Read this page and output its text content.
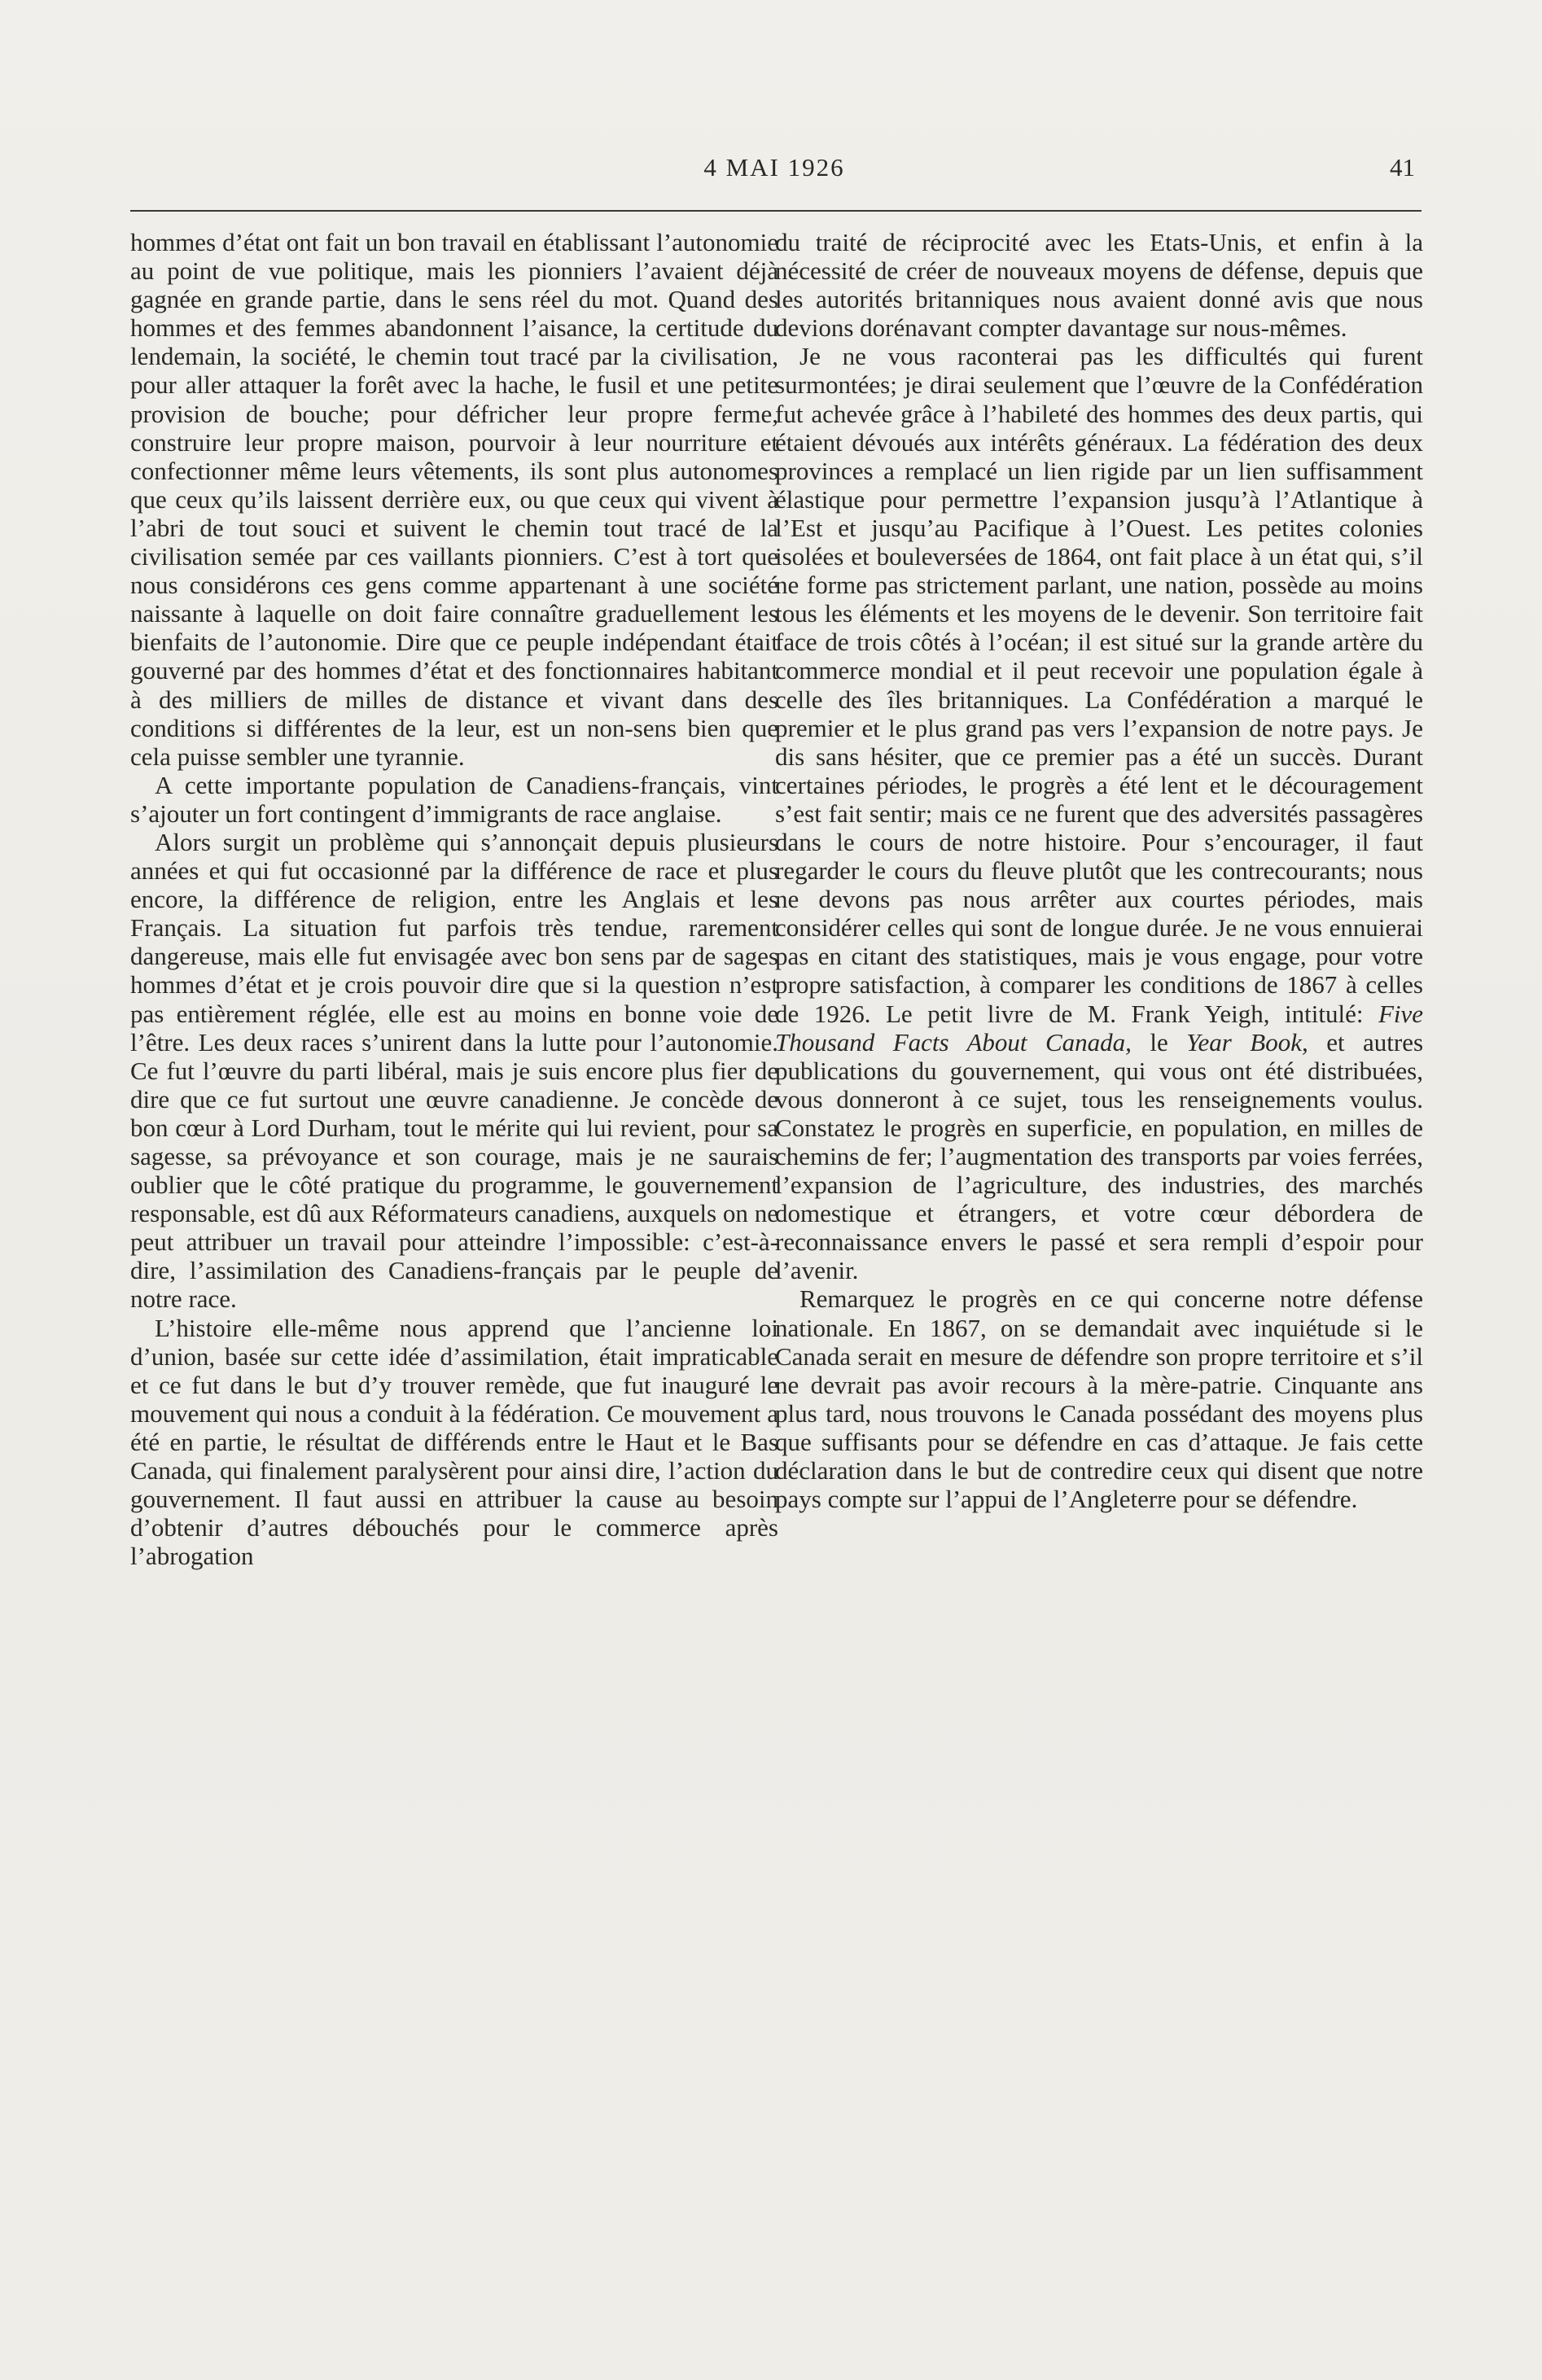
4 MAI 1926	41

hommes d’état ont fait un bon travail en établissant l’autonomie au point de vue politique, mais les pionniers l’avaient déjà gagnée en grande partie, dans le sens réel du mot. Quand des hommes et des femmes abandonnent l’aisance, la certitude du lendemain, la société, le chemin tout tracé par la civilisation, pour aller attaquer la forêt avec la hache, le fusil et une petite provision de bouche; pour défricher leur propre ferme, construire leur propre maison, pourvoir à leur nourriture et confectionner même leurs vêtements, ils sont plus autonomes que ceux qu’ils laissent derrière eux, ou que ceux qui vivent à l’abri de tout souci et suivent le chemin tout tracé de la civilisation semée par ces vaillants pionniers. C’est à tort que nous considérons ces gens comme appartenant à une société naissante à laquelle on doit faire connaître graduellement les bienfaits de l’autonomie. Dire que ce peuple indépendant était gouverné par des hommes d’état et des fonctionnaires habitant à des milliers de milles de distance et vivant dans des conditions si différentes de la leur, est un non-sens bien que cela puisse sembler une tyrannie.

A cette importante population de Canadiens-français, vint s’ajouter un fort contingent d’immigrants de race anglaise.

Alors surgit un problème qui s’annonçait depuis plusieurs années et qui fut occasionné par la différence de race et plus encore, la différence de religion, entre les Anglais et les Français. La situation fut parfois très tendue, rarement dangereuse, mais elle fut envisagée avec bon sens par de sages hommes d’état et je crois pouvoir dire que si la question n’est pas entièrement réglée, elle est au moins en bonne voie de l’être. Les deux races s’unirent dans la lutte pour l’autonomie. Ce fut l’œuvre du parti libéral, mais je suis encore plus fier de dire que ce fut surtout une œuvre canadienne. Je concède de bon cœur à Lord Durham, tout le mérite qui lui revient, pour sa sagesse, sa prévoyance et son courage, mais je ne saurais oublier que le côté pratique du programme, le gouvernement responsable, est dû aux Réformateurs canadiens, auxquels on ne peut attribuer un travail pour atteindre l’impossible: c’est-à-dire, l’assimilation des Canadiens-français par le peuple de notre race.

L’histoire elle-même nous apprend que l’ancienne loi d’union, basée sur cette idée d’assimilation, était impraticable et ce fut dans le but d’y trouver remède, que fut inauguré le mouvement qui nous a conduit à la fédération. Ce mouvement a été en partie, le résultat de différends entre le Haut et le Bas Canada, qui finalement paralysèrent pour ainsi dire, l’action du gouvernement. Il faut aussi en attribuer la cause au besoin d’obtenir d’autres débouchés pour le commerce après l’abrogation

du traité de réciprocité avec les Etats-Unis, et enfin à la nécessité de créer de nouveaux moyens de défense, depuis que les autorités britanniques nous avaient donné avis que nous devions dorénavant compter davantage sur nous-mêmes.

Je ne vous raconterai pas les difficultés qui furent surmontées; je dirai seulement que l’œuvre de la Confédération fut achevée grâce à l’habileté des hommes des deux partis, qui étaient dévoués aux intérêts généraux. La fédération des deux provinces a remplacé un lien rigide par un lien suffisamment élastique pour permettre l’expansion jusqu’à l’Atlantique à l’Est et jusqu’au Pacifique à l’Ouest. Les petites colonies isolées et bouleversées de 1864, ont fait place à un état qui, s’il ne forme pas strictement parlant, une nation, possède au moins tous les éléments et les moyens de le devenir. Son territoire fait face de trois côtés à l’océan; il est situé sur la grande artère du commerce mondial et il peut recevoir une population égale à celle des îles britanniques. La Confédération a marqué le premier et le plus grand pas vers l’expansion de notre pays. Je dis sans hésiter, que ce premier pas a été un succès. Durant certaines périodes, le progrès a été lent et le découragement s’est fait sentir; mais ce ne furent que des adversités passagères dans le cours de notre histoire. Pour s’encourager, il faut regarder le cours du fleuve plutôt que les contrecourants; nous ne devons pas nous arrêter aux courtes périodes, mais considérer celles qui sont de longue durée. Je ne vous ennuierai pas en citant des statistiques, mais je vous engage, pour votre propre satisfaction, à comparer les conditions de 1867 à celles de 1926. Le petit livre de M. Frank Yeigh, intitulé: Five Thousand Facts About Canada, le Year Book, et autres publications du gouvernement, qui vous ont été distribuées, vous donneront à ce sujet, tous les renseignements voulus. Constatez le progrès en superficie, en population, en milles de chemins de fer; l’augmentation des transports par voies ferrées, l’expansion de l’agriculture, des industries, des marchés domestique et étrangers, et votre cœur débordera de reconnaissance envers le passé et sera rempli d’espoir pour l’avenir.

Remarquez le progrès en ce qui concerne notre défense nationale. En 1867, on se demandait avec inquiétude si le Canada serait en mesure de défendre son propre territoire et s’il ne devrait pas avoir recours à la mère-patrie. Cinquante ans plus tard, nous trouvons le Canada possédant des moyens plus que suffisants pour se défendre en cas d’attaque. Je fais cette déclaration dans le but de contredire ceux qui disent que notre pays compte sur l’appui de l’Angleterre pour se défendre.
